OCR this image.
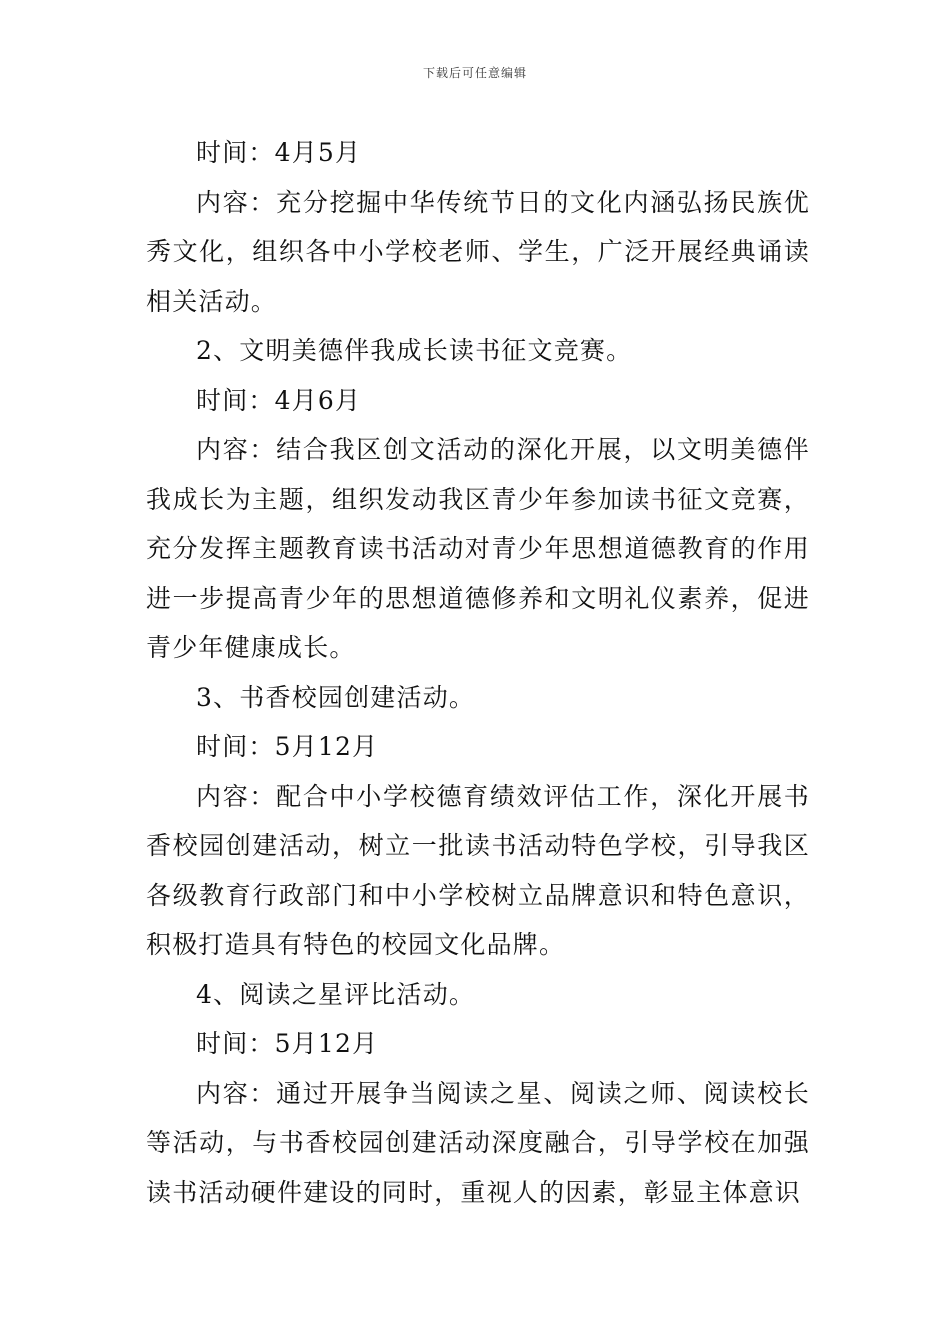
下载后可任意编辑

时间：4月5月

内容：充分挖掘中华传统节日的文化内涵弘扬民族优秀文化，组织各中小学校老师、学生，广泛开展经典诵读相关活动。

2、文明美德伴我成长读书征文竞赛。

时间：4月6月

内容：结合我区创文活动的深化开展，以文明美德伴我成长为主题，组织发动我区青少年参加读书征文竞赛，充分发挥主题教育读书活动对青少年思想道德教育的作用进一步提高青少年的思想道德修养和文明礼仪素养，促进青少年健康成长。

3、书香校园创建活动。

时间：5月12月

内容：配合中小学校德育绩效评估工作，深化开展书香校园创建活动，树立一批读书活动特色学校，引导我区各级教育行政部门和中小学校树立品牌意识和特色意识，积极打造具有特色的校园文化品牌。

4、阅读之星评比活动。

时间：5月12月

内容：通过开展争当阅读之星、阅读之师、阅读校长等活动，与书香校园创建活动深度融合，引导学校在加强读书活动硬件建设的同时，重视人的因素，彰显主体意识
